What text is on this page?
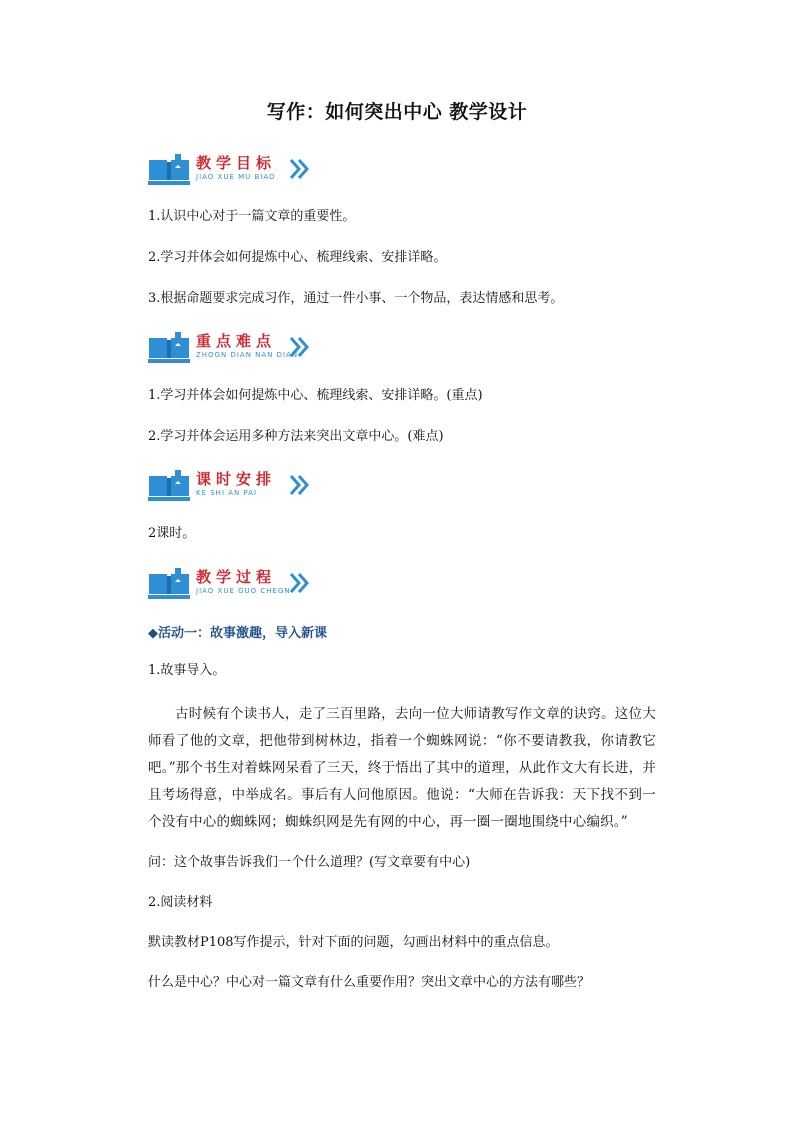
写作：如何突出中心 教学设计
教学目标
JIAO XUE MU BIAO
1.认识中心对于一篇文章的重要性。
2.学习并体会如何提炼中心、梳理线索、安排详略。
3.根据命题要求完成习作，通过一件小事、一个物品，表达情感和思考。
重点难点
ZHOGN DIAN NAN DIAN
1.学习并体会如何提炼中心、梳理线索、安排详略。(重点)
2.学习并体会运用多种方法来突出文章中心。(难点)
课时安排
KE SHI AN PAI
2课时。
教学过程
JIAO XUE GUO CHEGN
◆活动一：故事激趣，导入新课
1.故事导入。
古时候有个读书人，走了三百里路，去向一位大师请教写作文章的诀窍。这位大师看了他的文章，把他带到树林边，指着一个蜘蛛网说：“你不要请教我，你请教它吧。”那个书生对着蛛网呆看了三天，终于悟出了其中的道理，从此作文大有长进，并且考场得意，中举成名。事后有人问他原因。他说：“大师在告诉我：天下找不到一个没有中心的蜘蛛网；蜘蛛织网是先有网的中心，再一圈一圈地围绕中心编织。”
问：这个故事告诉我们一个什么道理？(写文章要有中心)
2.阅读材料
默读教材P108写作提示，针对下面的问题，勾画出材料中的重点信息。
什么是中心？中心对一篇文章有什么重要作用？突出文章中心的方法有哪些？
